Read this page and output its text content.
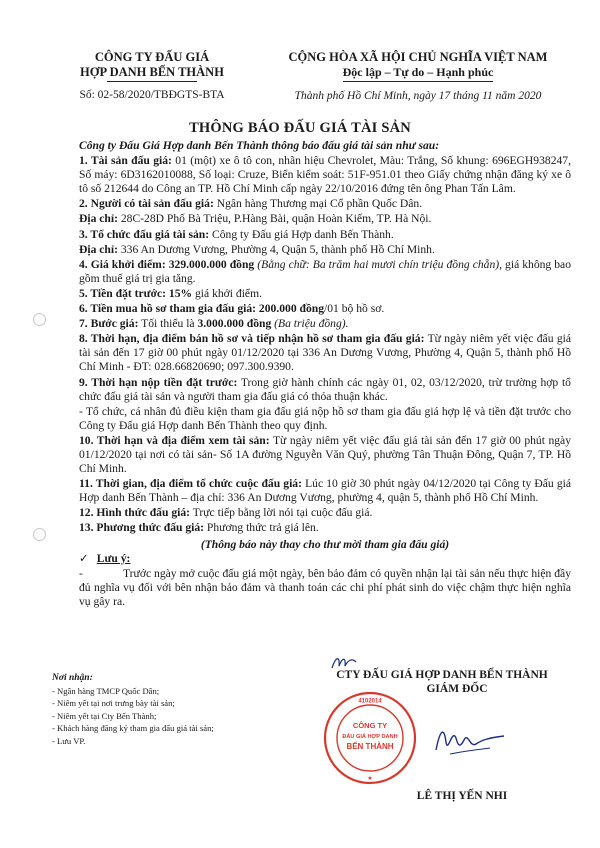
CÔNG TY ĐẤU GIÁ
HỢP DANH BẾN THÀNH
Số: 02-58/2020/TBĐGTS-BTA
CỘNG HÒA XÃ HỘI CHỦ NGHĨA VIỆT NAM
Độc lập – Tự do – Hạnh phúc
Thành phố Hồ Chí Minh, ngày 17 tháng 11 năm 2020
THÔNG BÁO ĐẤU GIÁ TÀI SẢN
Công ty Đấu Giá Hợp danh Bến Thành thông báo đấu giá tài sản như sau:
1. Tài sản đấu giá: 01 (một) xe ô tô con, nhãn hiệu Chevrolet, Màu: Trắng, Số khung: 696EGH938247, Số máy: 6D3162010088, Số loại: Cruze, Biển kiểm soát: 51F-951.01 theo Giấy chứng nhận đăng ký xe ô tô số 212644 do Công an TP. Hồ Chí Minh cấp ngày 22/10/2016 đứng tên ông Phan Tấn Lâm.
2. Người có tài sản đấu giá: Ngân hàng Thương mại Cổ phần Quốc Dân.
Địa chỉ: 28C-28D Phố Bà Triệu, P.Hàng Bài, quận Hoàn Kiếm, TP. Hà Nội.
3. Tổ chức đấu giá tài sản: Công ty Đấu giá Hợp danh Bến Thành.
Địa chỉ: 336 An Dương Vương, Phường 4, Quận 5, thành phố Hồ Chí Minh.
4. Giá khởi điểm: 329.000.000 đồng (Bằng chữ: Ba trăm hai mươi chín triệu đồng chẵn), giá không bao gồm thuế giá trị gia tăng.
5. Tiền đặt trước: 15% giá khởi điểm.
6. Tiền mua hồ sơ tham gia đấu giá: 200.000 đồng/01 bộ hồ sơ.
7. Bước giá: Tối thiểu là 3.000.000 đồng (Ba triệu đồng).
8. Thời hạn, địa điểm bán hồ sơ và tiếp nhận hồ sơ tham gia đấu giá: Từ ngày niêm yết việc đấu giá tài sản đến 17 giờ 00 phút ngày 01/12/2020 tại 336 An Dương Vương, Phường 4, Quận 5, thành phố Hồ Chí Minh - ĐT: 028.66820690; 097.300.9390.
9. Thời hạn nộp tiền đặt trước: Trong giờ hành chính các ngày 01, 02, 03/12/2020, trừ trường hợp tổ chức đấu giá tài sản và người tham gia đấu giá có thỏa thuận khác.
- Tổ chức, cá nhân đủ điều kiện tham gia đấu giá nộp hồ sơ tham gia đấu giá hợp lệ và tiền đặt trước cho Công ty Đấu giá Hợp danh Bến Thành theo quy định.
10. Thời hạn và địa điểm xem tài sản: Từ ngày niêm yết việc đấu giá tài sản đến 17 giờ 00 phút ngày 01/12/2020 tại nơi có tài sản- Số 1A đường Nguyễn Văn Quý, phường Tân Thuận Đông, Quận 7, TP. Hồ Chí Minh.
11. Thời gian, địa điểm tổ chức cuộc đấu giá: Lúc 10 giờ 30 phút ngày 04/12/2020 tại Công ty Đấu giá Hợp danh Bến Thành – địa chỉ: 336 An Dương Vương, phường 4, quận 5, thành phố Hồ Chí Minh.
12. Hình thức đấu giá: Trực tiếp bằng lời nói tại cuộc đấu giá.
13. Phương thức đấu giá: Phương thức trả giá lên.
(Thông báo này thay cho thư mời tham gia đấu giá)
✓ Lưu ý:
-	Trước ngày mở cuộc đấu giá một ngày, bên bảo đảm có quyền nhận lại tài sản nếu thực hiện đầy đủ nghĩa vụ đối với bên nhận bảo đảm và thanh toán các chi phí phát sinh do việc chậm thực hiện nghĩa vụ gây ra.
Nơi nhận:
- Ngân hàng TMCP Quốc Dân;
- Niêm yết tại nơi trưng bày tài sản;
- Niêm yết tại Cty Bến Thành;
- Khách hàng đăng ký tham gia đấu giá tài sản;
- Lưu VP.
CTY ĐẤU GIÁ HỢP DANH BẾN THÀNH
GIÁM ĐỐC
LÊ THỊ YẾN NHI
4102014
CÔNG TY
ĐẤU GIÁ HỢP DANH
BẾN THÀNH
★
